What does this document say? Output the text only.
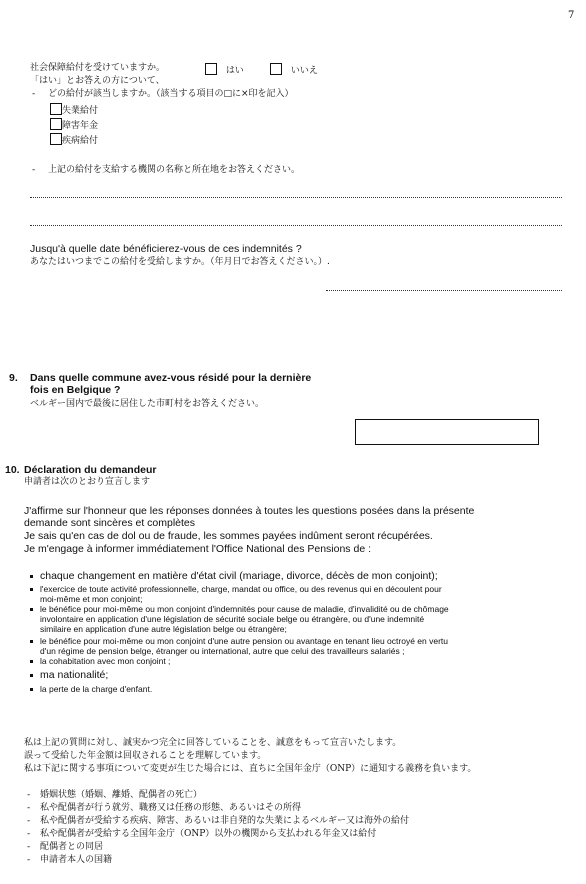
7
社会保障給付を受けていますか。	はい	いいえ
「はい」とお答えの方について、
- どの給付が該当しますか。（該当する項目の□に×印を記入）
失業給付
障害年金
疾病給付
- 上記の給付を支給する機関の名称と所在地をお答えください。
Jusqu'à quelle date bénéficierez-vous de ces indemnités ?
あなたはいつまでこの給付を受給しますか。（年月日でお答えください。）.
9. Dans quelle commune avez-vous résidé pour la dernière
fois en Belgique ?
ベルギー国内で最後に居住した市町村をお答えください。
10. Déclaration du demandeur
申請者は次のとおり宣言します
J'affirme sur l'honneur que les réponses données à toutes les questions posées dans la présente
demande sont sincères et complètes
Je sais qu'en cas de dol ou de fraude, les sommes payées indûment seront récupérées.
Je m'engage à informer immédiatement l'Office National des Pensions de :
chaque changement en matière d'état civil (mariage, divorce, décès de mon conjoint);
l'exercice de toute activité professionnelle, charge, mandat ou office, ou des revenus qui en découlent pour
moi-même et mon conjoint;
le bénéfice pour moi-même ou mon conjoint d'indemnités pour cause de maladie, d'invalidité ou de chômage
involontaire en application d'une législation de sécurité sociale belge ou étrangère, ou d'une indemnité
similaire en application d'une autre législation belge ou étrangère;
le bénéfice pour moi-même ou mon conjoint d'une autre pension ou avantage en tenant lieu octroyé en vertu
d'un régime de pension belge, étranger ou international, autre que celui des travailleurs salariés ;
la cohabitation avec mon conjoint ;
ma nationalité;
la perte de la charge d'enfant.
私は上記の質問に対し、誠実かつ完全に回答していることを、誠意をもって宣言いたします。
誤って受給した年金額は回収されることを理解しています。
私は下記に関する事項について変更が生じた場合には、直ちに全国年金庁（ONP）に通知する義務を負います。
- 婚姻状態（婚姻、離婚、配偶者の死亡）
- 私や配偶者が行う就労、職務又は任務の形態、あるいはその所得
- 私や配偶者が受給する疾病、障害、あるいは非自発的な失業によるベルギー又は海外の給付
- 私や配偶者が受給する全国年金庁（ONP）以外の機関から支払われる年金又は給付
- 配偶者との同居
- 申請者本人の国籍
